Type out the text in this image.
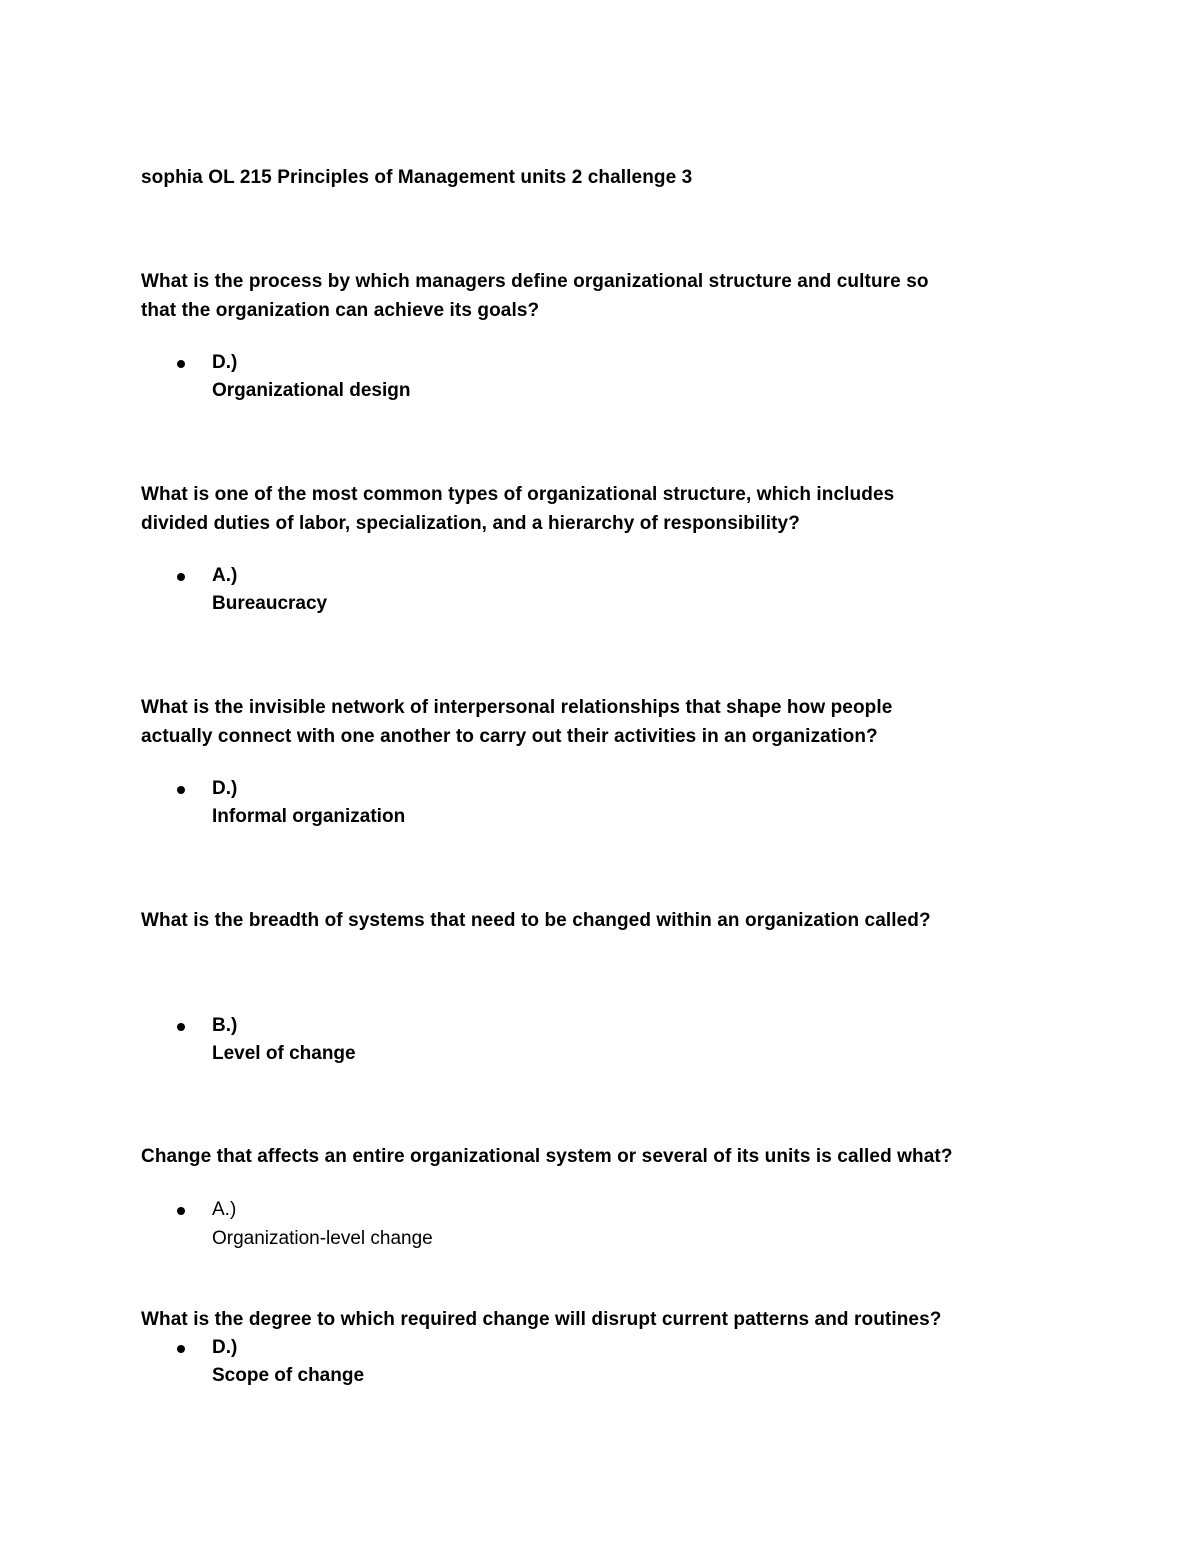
sophia OL 215 Principles of Management units 2 challenge 3
What is the process by which managers define organizational structure and culture so
that the organization can achieve its goals?
D.)
Organizational design
What is one of the most common types of organizational structure, which includes
divided duties of labor, specialization, and a hierarchy of responsibility?
A.)
Bureaucracy
What is the invisible network of interpersonal relationships that shape how people
actually connect with one another to carry out their activities in an organization?
D.)
Informal organization
What is the breadth of systems that need to be changed within an organization called?
B.)
Level of change
Change that affects an entire organizational system or several of its units is called what?
A.)
Organization-level change
What is the degree to which required change will disrupt current patterns and routines?
D.)
Scope of change
